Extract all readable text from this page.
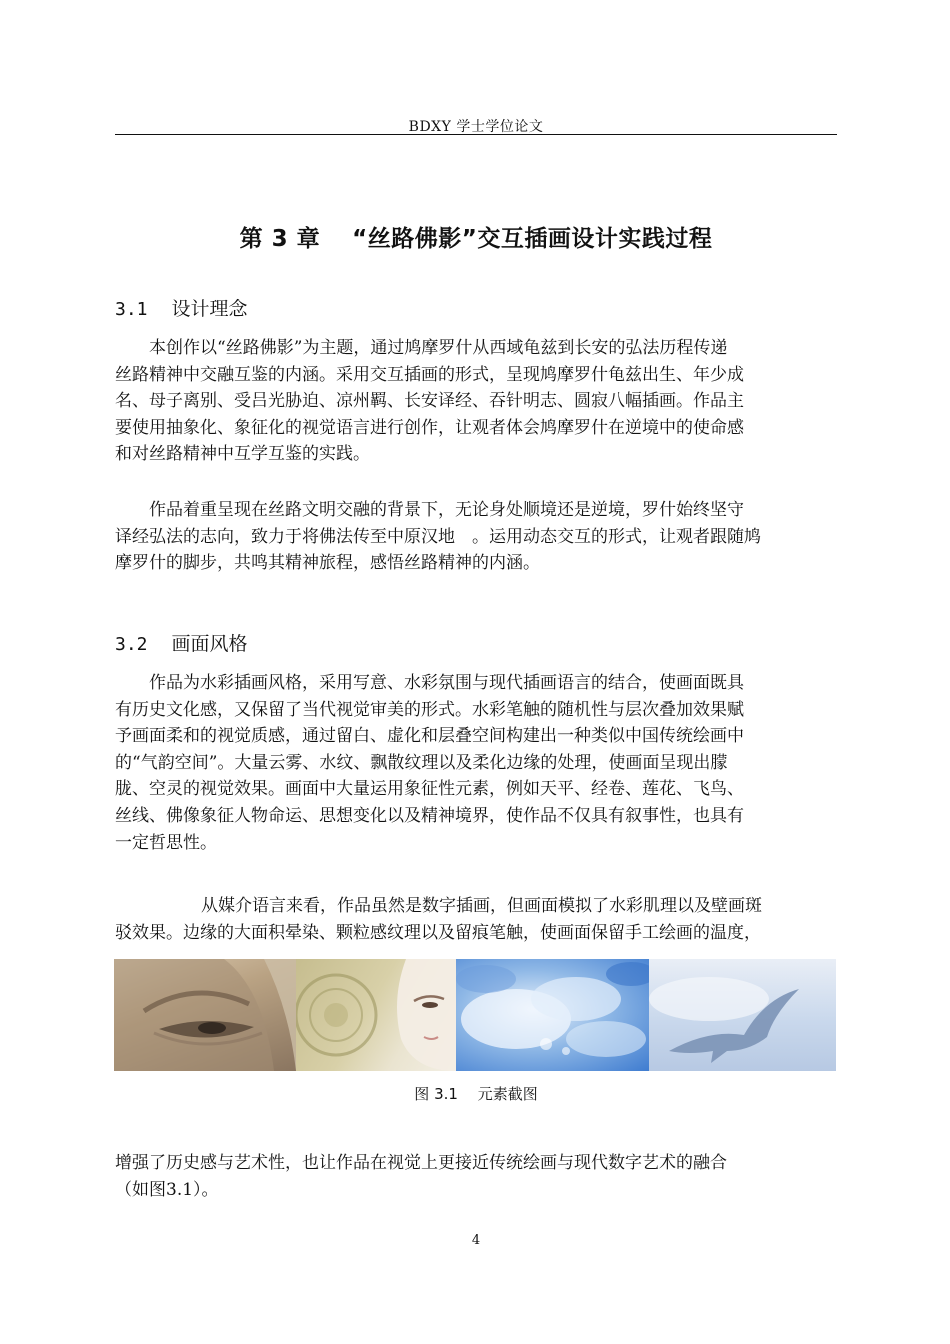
BDXY 学士学位论文
第 3 章　 “丝路佛影”交互插画设计实践过程
3.1 设计理念
本创作以“丝路佛影”为主题，通过鸠摩罗什从西域龟兹到长安的弘法历程传递
丝路精神中交融互鉴的内涵。采用交互插画的形式，呈现鸠摩罗什龟兹出生、年少成
名、母子离别、受吕光胁迫、凉州羁、长安译经、吞针明志、圆寂八幅插画。作品主
要使用抽象化、象征化的视觉语言进行创作，让观者体会鸠摩罗什在逆境中的使命感
和对丝路精神中互学互鉴的实践。
作品着重呈现在丝路文明交融的背景下，无论身处顺境还是逆境，罗什始终坚守
译经弘法的志向，致力于将佛法传至中原汉地　。运用动态交互的形式，让观者跟随鸠
摩罗什的脚步，共鸣其精神旅程，感悟丝路精神的内涵。
3.2 画面风格
作品为水彩插画风格，采用写意、水彩氛围与现代插画语言的结合，使画面既具
有历史文化感，又保留了当代视觉审美的形式。水彩笔触的随机性与层次叠加效果赋
予画面柔和的视觉质感，通过留白、虚化和层叠空间构建出一种类似中国传统绘画中
的“气韵空间”。大量云雾、水纹、飘散纹理以及柔化边缘的处理，使画面呈现出朦
胧、空灵的视觉效果。画面中大量运用象征性元素，例如天平、经卷、莲花、飞鸟、
丝线、佛像象征人物命运、思想变化以及精神境界，使作品不仅具有叙事性，也具有
一定哲思性。
从媒介语言来看，作品虽然是数字插画，但画面模拟了水彩肌理以及壁画斑
驳效果。边缘的大面积晕染、颗粒感纹理以及留痕笔触，使画面保留手工绘画的温度，
图 3.1　 元素截图
增强了历史感与艺术性，也让作品在视觉上更接近传统绘画与现代数字艺术的融合
（如图3.1）。
4
